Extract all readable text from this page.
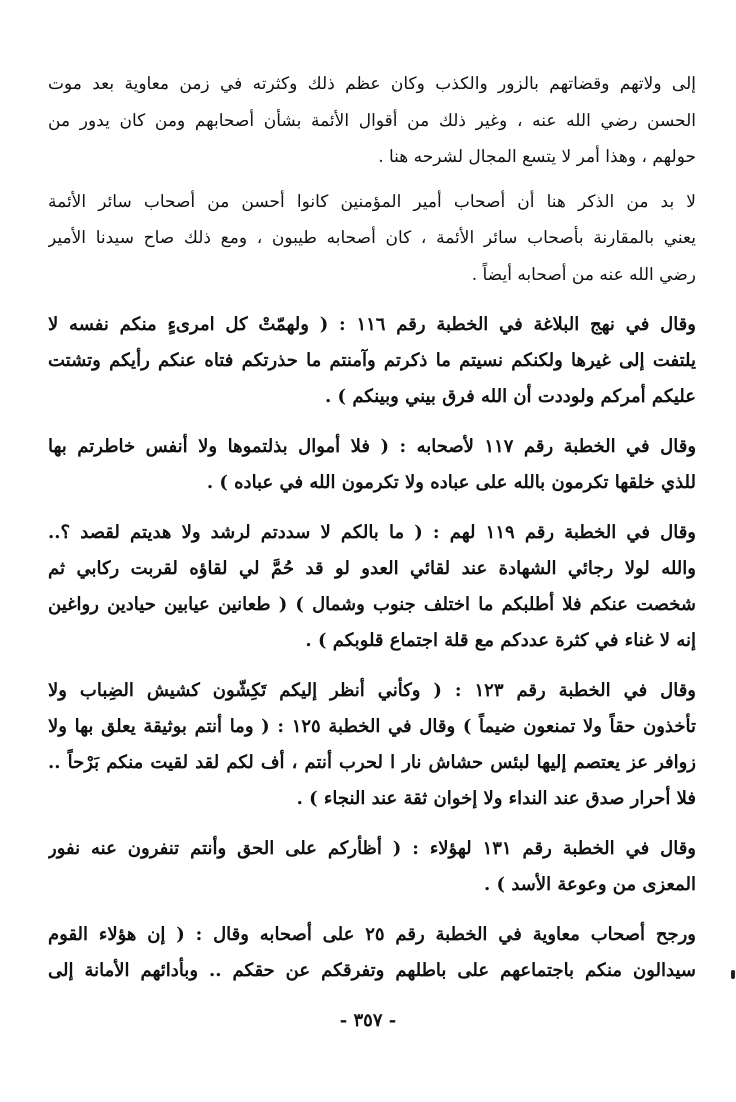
إلى ولاتهم وقضاتهم بالزور والكذب وكان عظم ذلك وكثرته في زمن معاوية بعد موت
الحسن رضي الله عنه ، وغير ذلك من أقوال الأئمة بشأن أصحابهم ومن كان يدور من
حولهم ، وهذا أمر لا يتسع المجال لشرحه هنا .
لا بد من الذكر هنا أن أصحاب أمير المؤمنين كانوا أحسن من أصحاب سائر الأئمة
يعني بالمقارنة بأصحاب سائر الأئمة ، كان أصحابه طيبون ، ومع ذلك صاح سيدنا الأمير
رضي الله عنه من أصحابه أيضاً .
وقال في نهج البلاغة في الخطبة رقم ١١٦ : ( ولهمّتْ كل امرىءٍ منكم نفسه لا
يلتفت إلى غيرها ولكنكم نسيتم ما ذكرتم وآمنتم ما حذرتكم فتاه عنكم رأيكم وتشتت
عليكم أمركم ولوددت أن الله فرق بيني وبينكم ) .
وقال في الخطبة رقم ١١٧ لأصحابه : ( فلا أموال بذلتموها ولا أنفس خاطرتم بها
للذي خلقها تكرمون بالله على عباده ولا تكرمون الله في عباده ) .
وقال في الخطبة رقم ١١٩ لهم : ( ما بالكم لا سددتم لرشد ولا هديتم لقصد ؟..
والله لولا رجائي الشهادة عند لقائي العدو لو قد حُمَّ لي لقاؤه لقربت ركابي ثم
شخصت عنكم فلا أطلبكم ما اختلف جنوب وشمال ) ( طعانين عيابين حيادين رواغين
إنه لا غناء في كثرة عددكم مع قلة اجتماع قلوبكم ) .
وقال في الخطبة رقم ١٢٣ : ( وكأني أنظر إليكم تَكِشّون كشيش الضِباب ولا
تأخذون حقاً ولا تمنعون ضيماً ) وقال في الخطبة ١٢٥ : ( وما أنتم بوثيقة يعلق بها ولا
زوافر عز يعتصم إليها لبئس حشاش نار ا لحرب أنتم ، أف لكم لقد لقيت منكم بَرْحاً ..
فلا أحرار صدق عند النداء ولا إخوان ثقة عند النجاء ) .
وقال في الخطبة رقم ١٣١ لهؤلاء : ( أظأركم على الحق وأنتم تنفرون عنه نفور
المعزى من وعوعة الأسد ) .
ورجح أصحاب معاوية في الخطبة رقم ٢٥ على أصحابه وقال : ( إن هؤلاء القوم
سيدالون منكم باجتماعهم على باطلهم وتفرقكم عن حقكم .. وبأدائهم الأمانة إلى
- ٣٥٧ -
